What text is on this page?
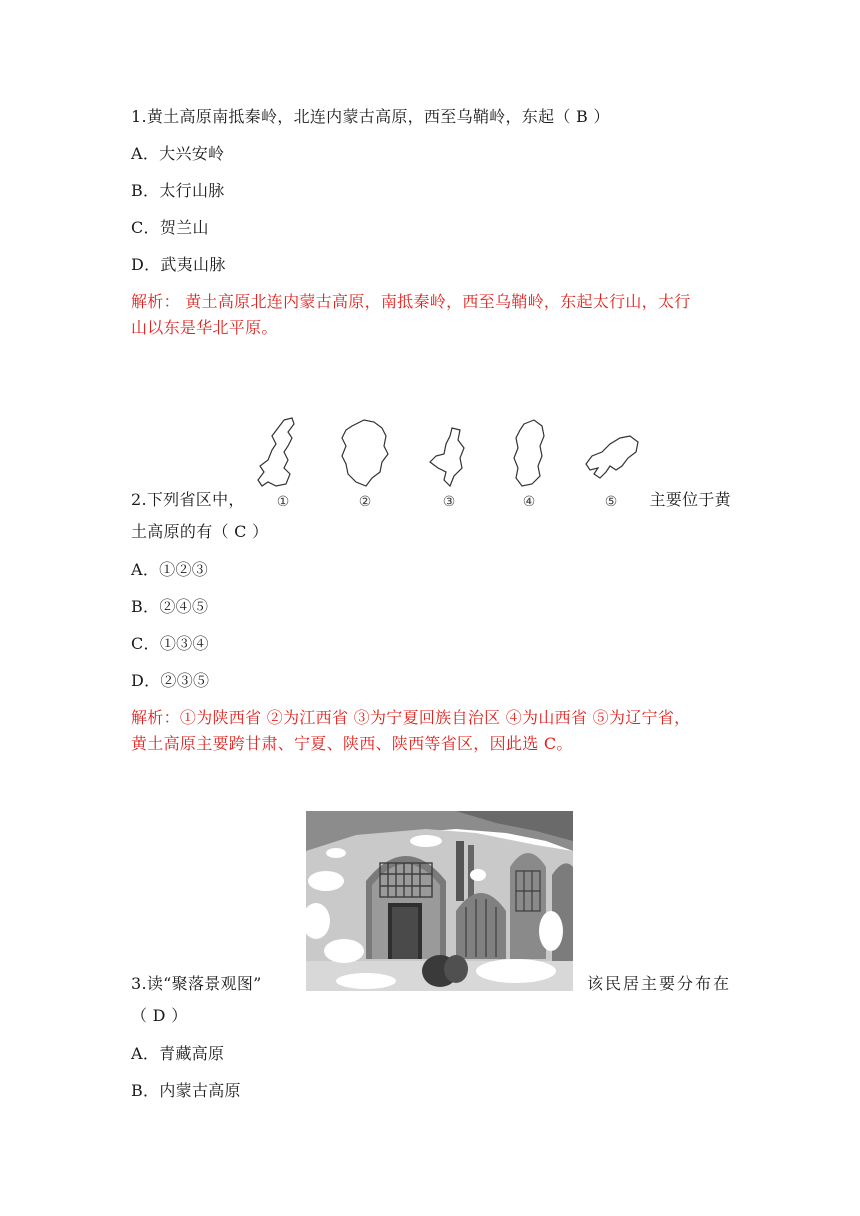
1.黄土高原南抵秦岭，北连内蒙古高原，西至乌鞘岭，东起（ B ）
A．大兴安岭
B．太行山脉
C．贺兰山
D．武夷山脉
解析： 黄土高原北连内蒙古高原，南抵秦岭，西至乌鞘岭，东起太行山，太行
山以东是华北平原。
①	②	③	④	⑤
2.下列省区中，	主要位于黄
土高原的有（ C ）
A．①②③
B．②④⑤
C．①③④
D．②③⑤
解析：①为陕西省 ②为江西省 ③为宁夏回族自治区 ④为山西省 ⑤为辽宁省，
黄土高原主要跨甘肃、宁夏、陕西、陕西等省区，因此选 C。
3.读“聚落景观图”	该民居主要分布在
（ D ）
A．青藏高原
B．内蒙古高原
